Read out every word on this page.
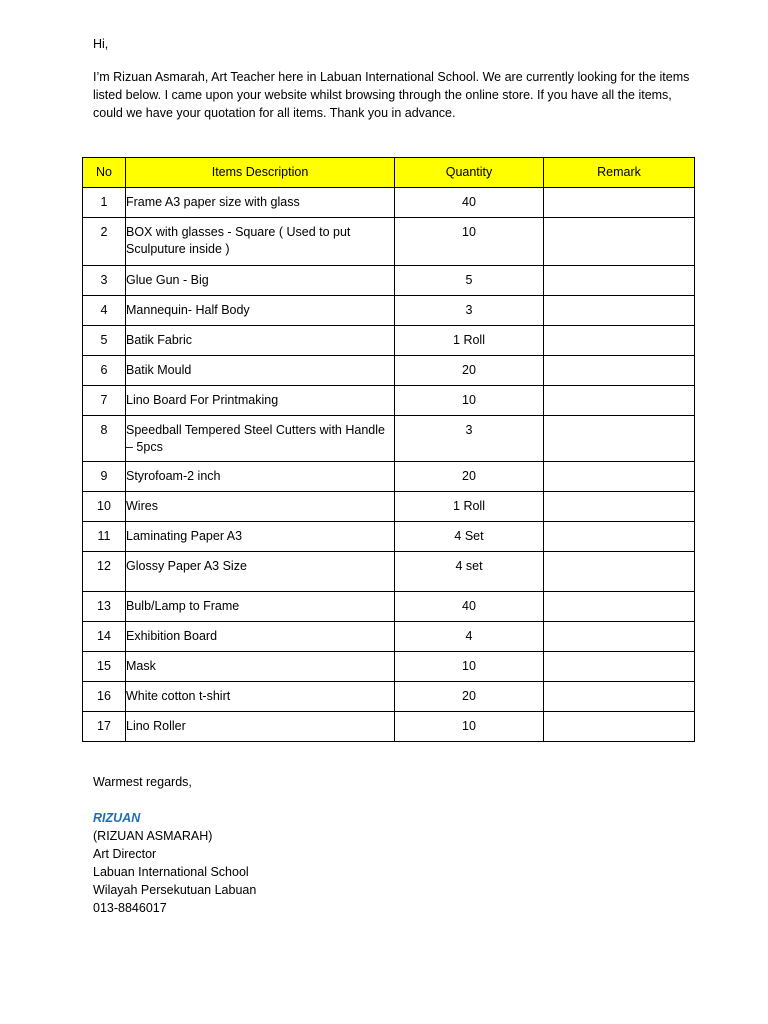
Hi,
I’m Rizuan Asmarah, Art Teacher here in Labuan International School. We are currently looking for the items listed below. I came upon your website whilst browsing through the online store. If you have all the items, could we have your quotation for all items. Thank you in advance.
No	Items Description	Quantity	Remark
1	Frame A3 paper size with glass	40	
2	BOX with glasses - Square ( Used to put Sculputure inside )	10	
3	Glue Gun - Big	5	
4	Mannequin- Half Body	3	
5	Batik Fabric	1 Roll	
6	Batik Mould	20	
7	Lino Board For Printmaking	10	
8	Speedball Tempered Steel Cutters with Handle – 5pcs	3	
9	Styrofoam-2 inch	20	
10	Wires	1 Roll	
11	Laminating Paper A3	4 Set	
12	Glossy Paper A3 Size	4 set	
13	Bulb/Lamp to Frame	40	
14	Exhibition Board	4	
15	Mask	10	
16	White cotton t-shirt	20	
17	Lino Roller	10	
Warmest regards,
RIZUAN
(RIZUAN ASMARAH)
Art Director
Labuan International School
Wilayah Persekutuan Labuan
013-8846017
